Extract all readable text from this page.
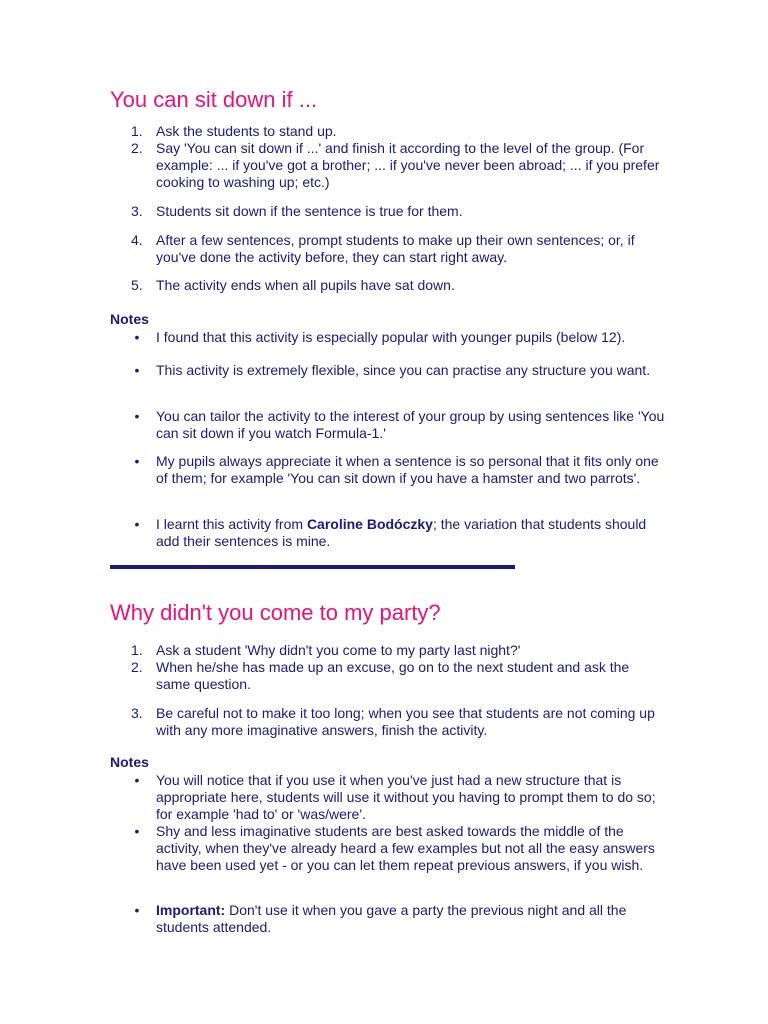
You can sit down if ...
1. Ask the students to stand up.
2. Say 'You can sit down if ...' and finish it according to the level of the group. (For example: ... if you've got a brother; ... if you've never been abroad; ... if you prefer cooking to washing up; etc.)
3. Students sit down if the sentence is true for them.
4. After a few sentences, prompt students to make up their own sentences; or, if you've done the activity before, they can start right away.
5. The activity ends when all pupils have sat down.
Notes
• I found that this activity is especially popular with younger pupils (below 12).
• This activity is extremely flexible, since you can practise any structure you want.
• You can tailor the activity to the interest of your group by using sentences like 'You can sit down if you watch Formula-1.'
• My pupils always appreciate it when a sentence is so personal that it fits only one of them; for example 'You can sit down if you have a hamster and two parrots'.
• I learnt this activity from Caroline Bodóczky; the variation that students should add their sentences is mine.
Why didn't you come to my party?
1. Ask a student 'Why didn't you come to my party last night?'
2. When he/she has made up an excuse, go on to the next student and ask the same question.
3. Be careful not to make it too long; when you see that students are not coming up with any more imaginative answers, finish the activity.
Notes
• You will notice that if you use it when you've just had a new structure that is appropriate here, students will use it without you having to prompt them to do so; for example 'had to' or 'was/were'.
• Shy and less imaginative students are best asked towards the middle of the activity, when they've already heard a few examples but not all the easy answers have been used yet - or you can let them repeat previous answers, if you wish.
• Important: Don't use it when you gave a party the previous night and all the students attended.
